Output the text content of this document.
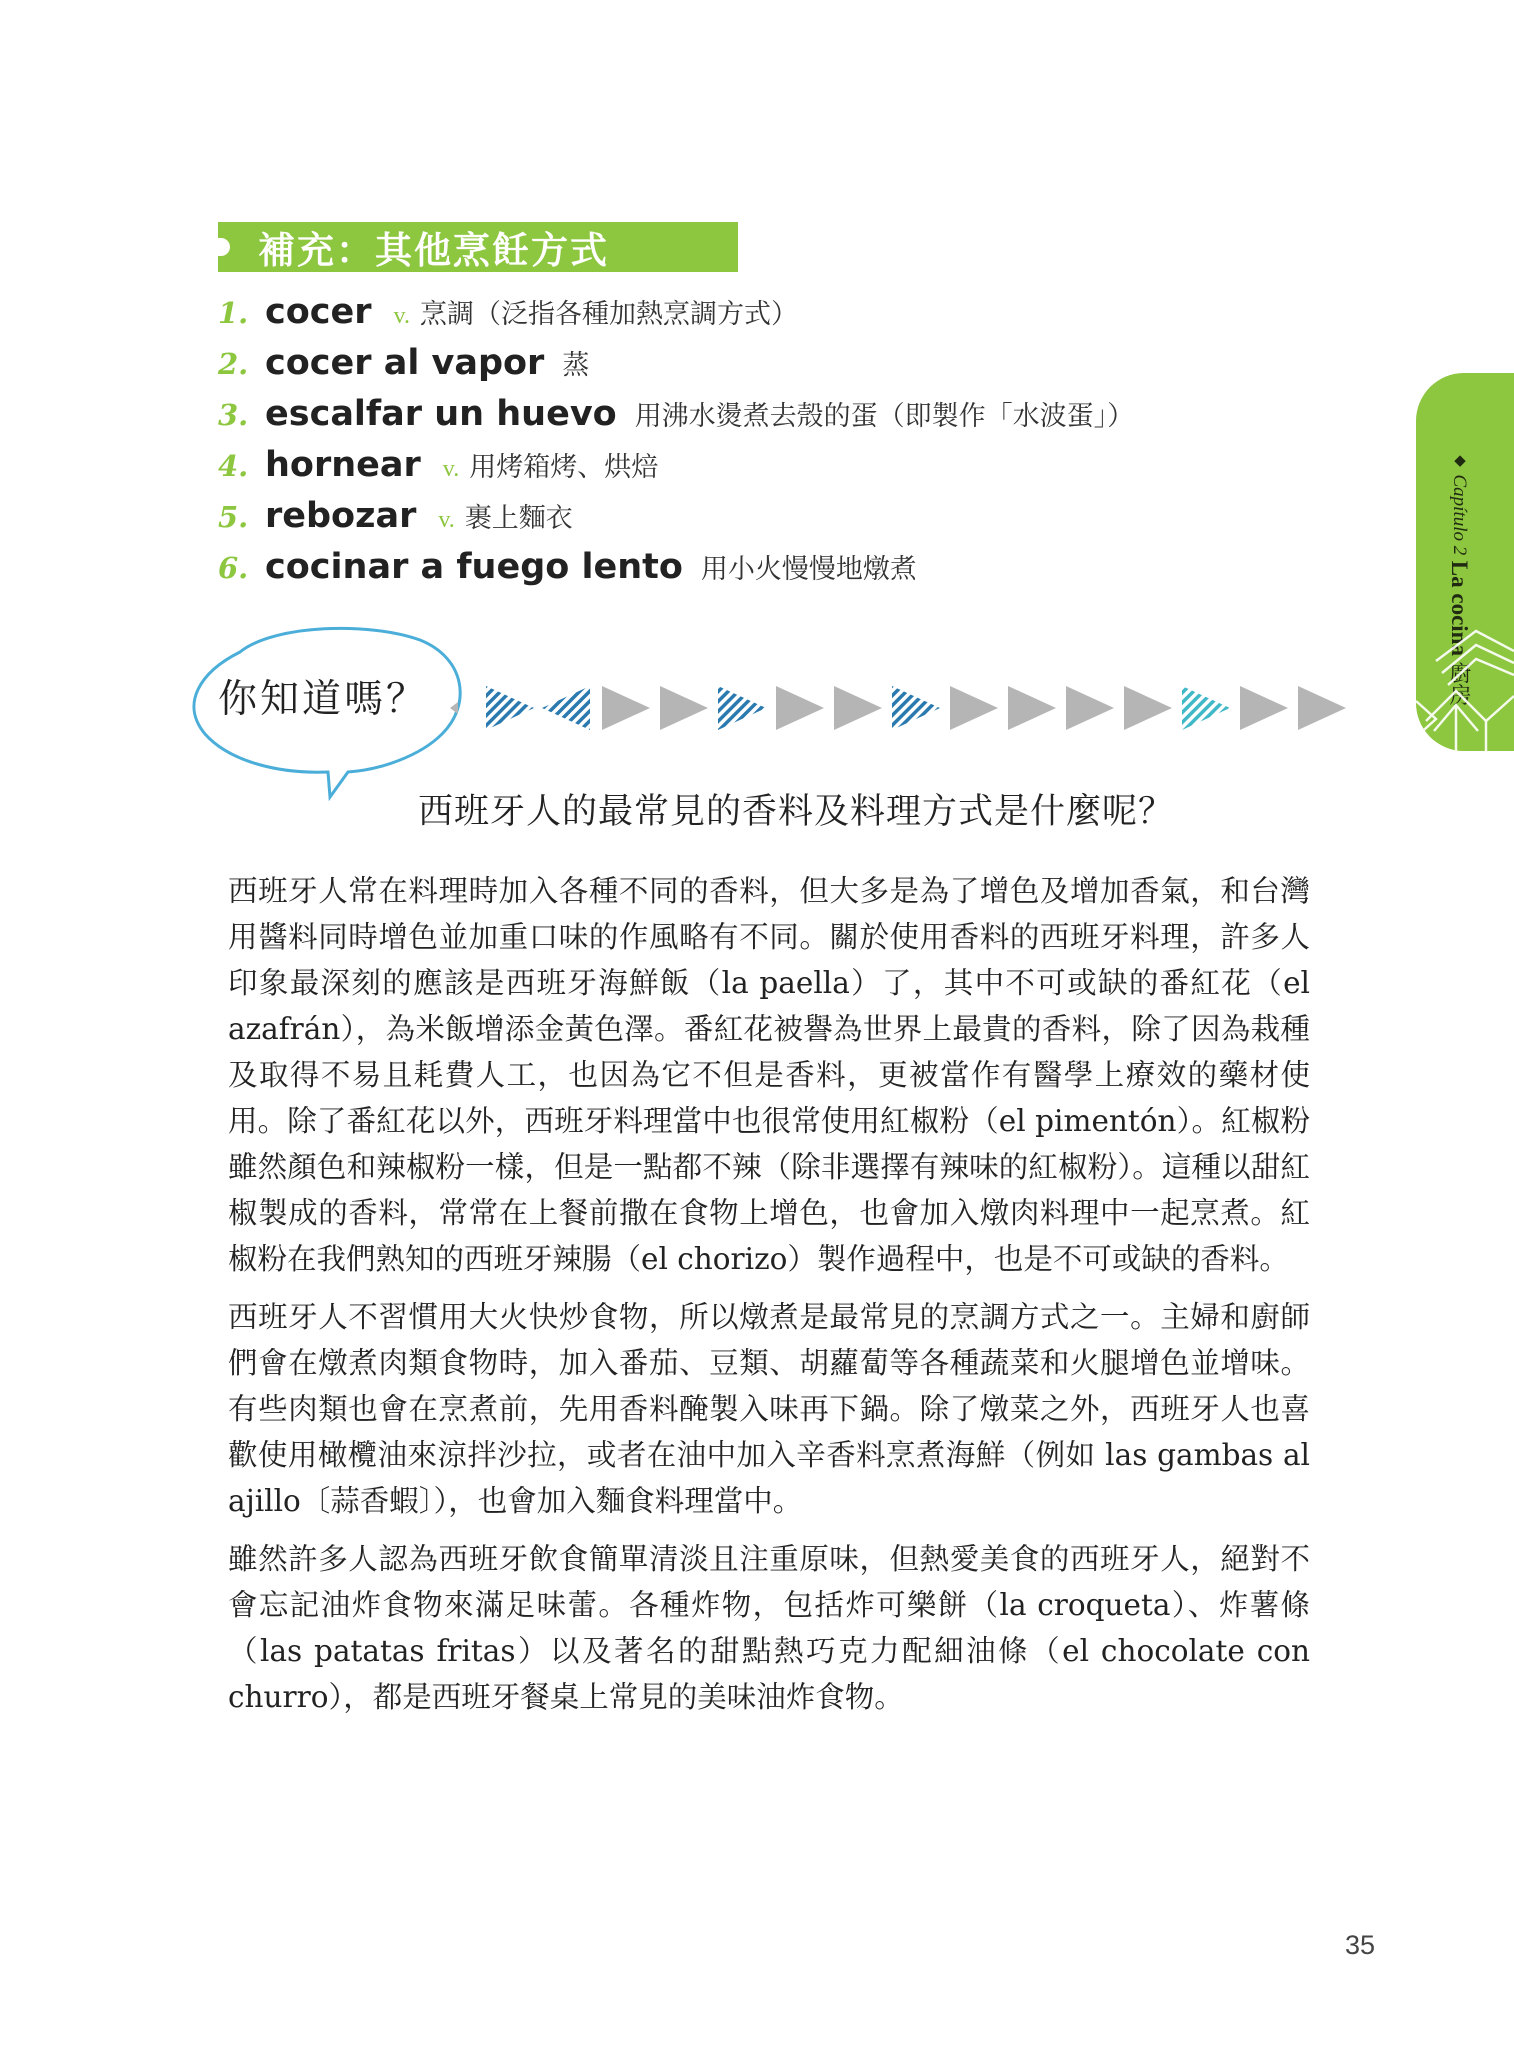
補充：其他烹飪方式
1. cocer v. 烹調（泛指各種加熱烹調方式）
2. cocer al vapor 蒸
3. escalfar un huevo 用沸水燙煮去殼的蛋（即製作「水波蛋」）
4. hornear v. 用烤箱烤、烘焙
5. rebozar v. 裹上麵衣
6. cocinar a fuego lento 用小火慢慢地燉煮
◆ Capítulo 2 La cocina 廚房
你知道嗎？
西班牙人的最常見的香料及料理方式是什麼呢？

西班牙人常在料理時加入各種不同的香料，但大多是為了增色及增加香氣，和台灣用醬料同時增色並加重口味的作風略有不同。關於使用香料的西班牙料理，許多人印象最深刻的應該是西班牙海鮮飯（la paella）了，其中不可或缺的番紅花（el azafrán），為米飯增添金黃色澤。番紅花被譽為世界上最貴的香料，除了因為栽種及取得不易且耗費人工，也因為它不但是香料，更被當作有醫學上療效的藥材使用。除了番紅花以外，西班牙料理當中也很常使用紅椒粉（el pimentón）。紅椒粉雖然顏色和辣椒粉一樣，但是一點都不辣（除非選擇有辣味的紅椒粉）。這種以甜紅椒製成的香料，常常在上餐前撒在食物上增色，也會加入燉肉料理中一起烹煮。紅椒粉在我們熟知的西班牙辣腸（el chorizo）製作過程中，也是不可或缺的香料。

西班牙人不習慣用大火快炒食物，所以燉煮是最常見的烹調方式之一。主婦和廚師們會在燉煮肉類食物時，加入番茄、豆類、胡蘿蔔等各種蔬菜和火腿增色並增味。有些肉類也會在烹煮前，先用香料醃製入味再下鍋。除了燉菜之外，西班牙人也喜歡使用橄欖油來涼拌沙拉，或者在油中加入辛香料烹煮海鮮（例如 las gambas al ajillo〔蒜香蝦〕），也會加入麵食料理當中。

雖然許多人認為西班牙飲食簡單清淡且注重原味，但熱愛美食的西班牙人，絕對不會忘記油炸食物來滿足味蕾。各種炸物，包括炸可樂餅（la croqueta）、炸薯條（las patatas fritas）以及著名的甜點熱巧克力配細油條（el chocolate con churro），都是西班牙餐桌上常見的美味油炸食物。

35
